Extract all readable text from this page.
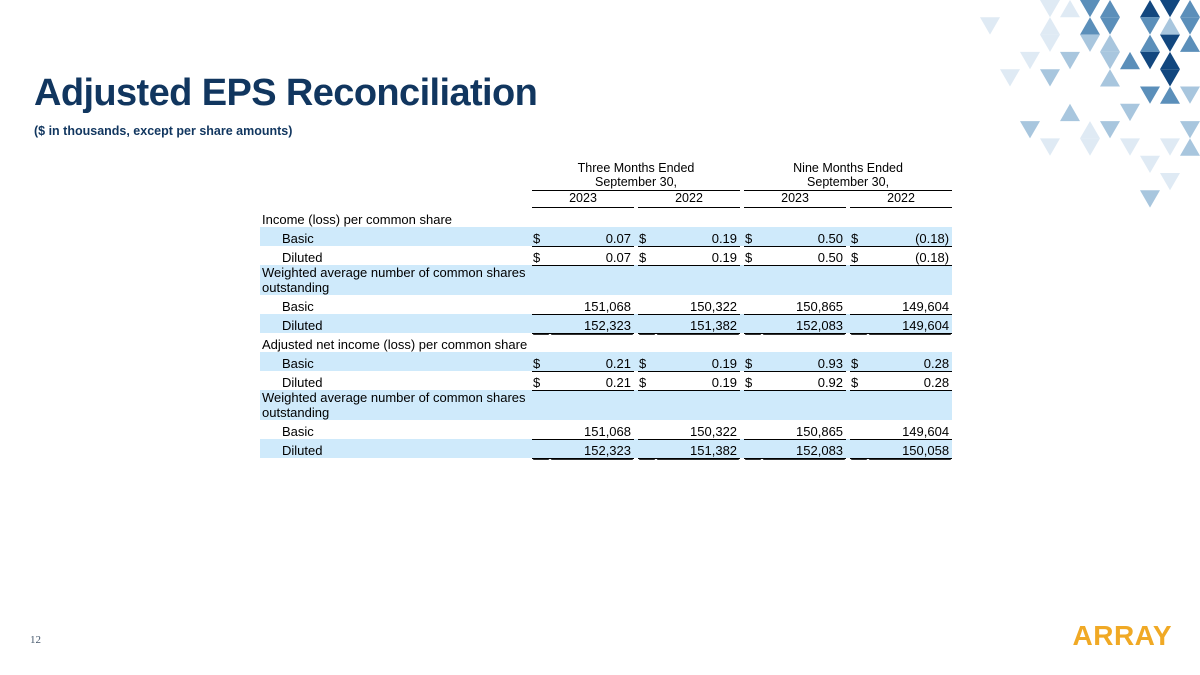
Adjusted EPS Reconciliation
($ in thousands, except per share amounts)
	Three Months Ended
September 30,						Nine Months Ended
September 30,				

	2023			2022			2023			2022	

Income (loss) per common share											
Basic	$	0.07		$	0.19		$	0.50		$	(0.18)
Diluted	$	0.07		$	0.19		$	0.50		$	(0.18)
Weighted average number of common shares outstanding											
Basic		151,068			150,322			150,865			149,604
Diluted		152,323			151,382			152,083			149,604
Adjusted net income (loss) per common share											
Basic	$	0.21		$	0.19		$	0.93		$	0.28
Diluted	$	0.21		$	0.19		$	0.92		$	0.28
Weighted average number of common shares outstanding											
Basic		151,068			150,322			150,865			149,604
Diluted		152,323			151,382			152,083			150,058
12	ARRAY
